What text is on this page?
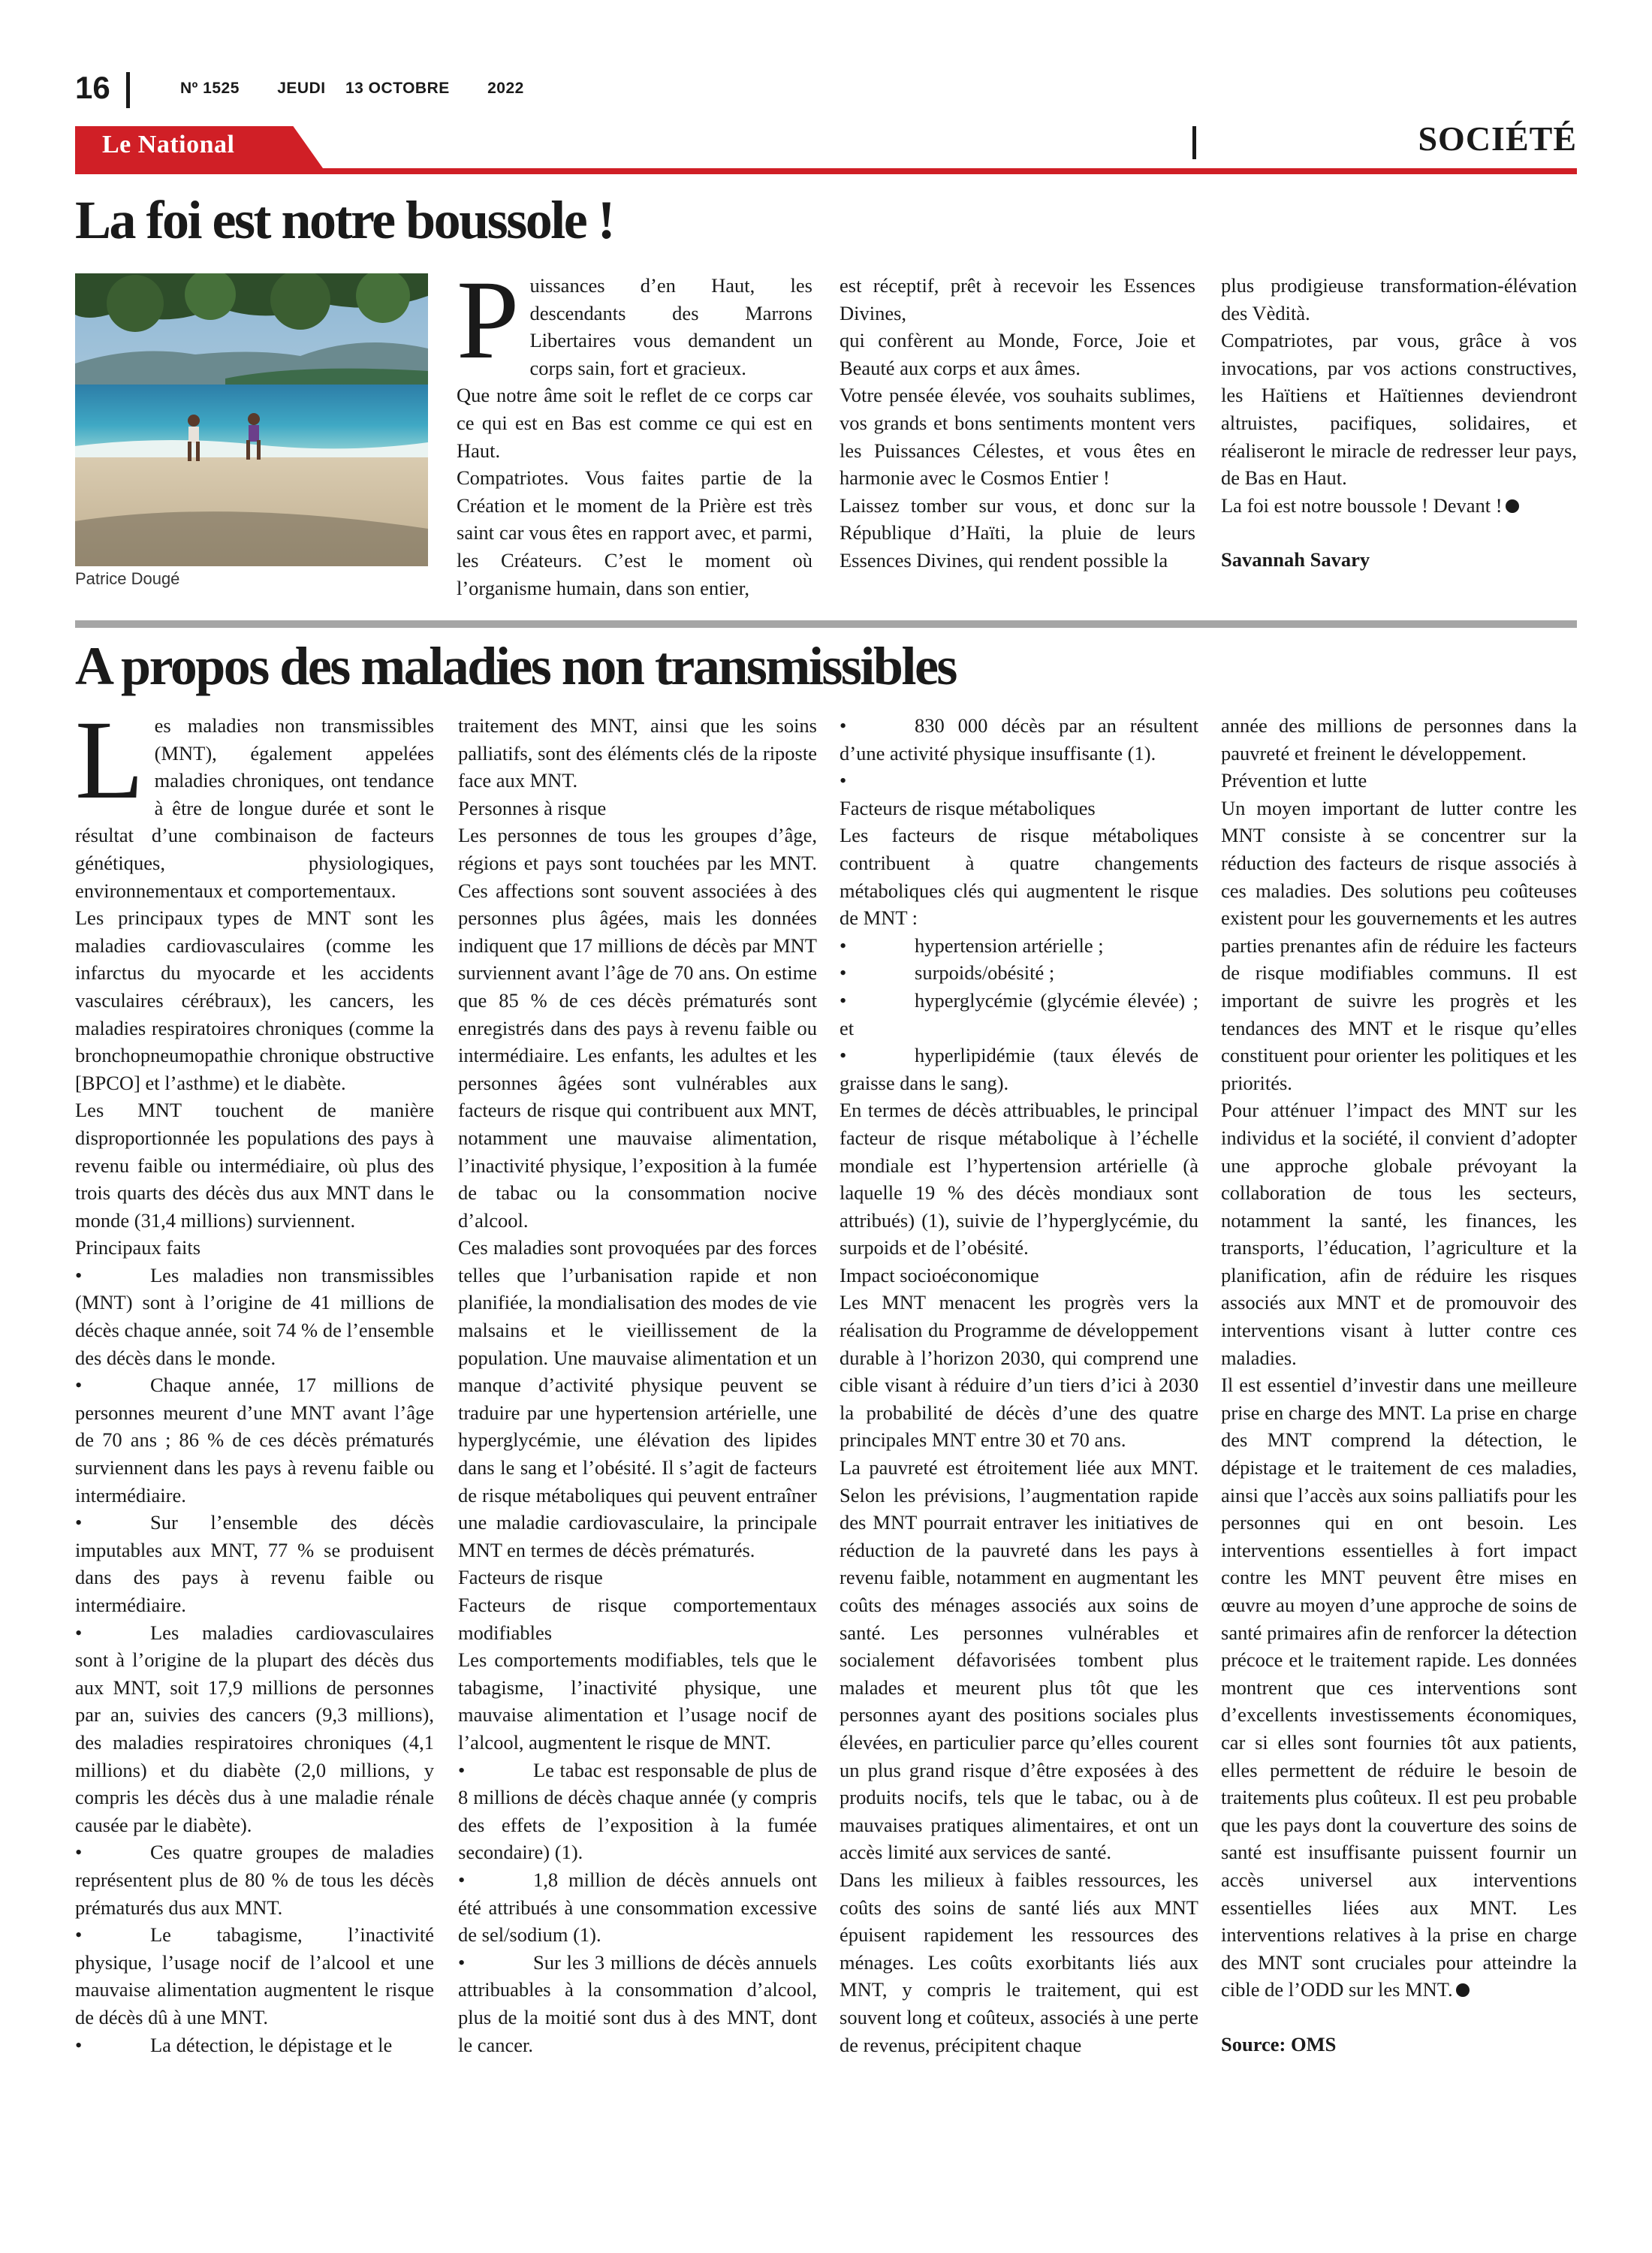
16	Nº 1525 JEUDI 13 OCTOBRE 2022
Le National	SOCIÉTÉ
La foi est notre boussole !
Patrice Dougé

Puissances d’en Haut, les descendants des Marrons Libertaires vous demandent un corps sain, fort et gracieux.

Que notre âme soit le reflet de ce corps car ce qui est en Bas est comme ce qui est en Haut.

Compatriotes. Vous faites partie de la Création et le moment de la Prière est très saint car vous êtes en rapport avec, et parmi, les Créateurs. C’est le moment où l’organisme humain, dans son entier,

est réceptif, prêt à recevoir les Essences Divines,

qui confèrent au Monde, Force, Joie et Beauté aux corps et aux âmes.

Votre pensée élevée, vos souhaits sublimes, vos grands et bons sentiments montent vers les Puissances Célestes, et vous êtes en harmonie avec le Cosmos Entier !

Laissez tomber sur vous, et donc sur la République d’Haïti, la pluie de leurs Essences Divines, qui rendent possible la

plus prodigieuse transformation-élévation des Vèdità.

Compatriotes, par vous, grâce à vos invocations, par vos actions constructives, les Haïtiens et Haïtiennes deviendront altruistes, pacifiques, solidaires, et réaliseront le miracle de redresser leur pays, de Bas en Haut.

La foi est notre boussole ! Devant !

Savannah Savary

A propos des maladies non transmissibles

Les maladies non transmissibles (MNT), également appelées maladies chroniques, ont tendance à être de longue durée et sont le résultat d’une combinaison de facteurs génétiques, physiologiques, environnementaux et comportementaux.

Les principaux types de MNT sont les maladies cardiovasculaires (comme les infarctus du myocarde et les accidents vasculaires cérébraux), les cancers, les maladies respiratoires chroniques (comme la bronchopneumopathie chronique obstructive [BPCO] et l’asthme) et le diabète.

Les MNT touchent de manière disproportionnée les populations des pays à revenu faible ou intermédiaire, où plus des trois quarts des décès dus aux MNT dans le monde (31,4 millions) surviennent.

Principaux faits

•	Les maladies non transmissibles (MNT) sont à l’origine de 41 millions de décès chaque année, soit 74 % de l’ensemble des décès dans le monde.

•	Chaque année, 17 millions de personnes meurent d’une MNT avant l’âge de 70 ans ; 86 % de ces décès prématurés surviennent dans les pays à revenu faible ou intermédiaire.

•	Sur l’ensemble des décès imputables aux MNT, 77 % se produisent dans des pays à revenu faible ou intermédiaire.

•	Les maladies cardiovasculaires sont à l’origine de la plupart des décès dus aux MNT, soit 17,9 millions de personnes par an, suivies des cancers (9,3 millions), des maladies respiratoires chroniques (4,1 millions) et du diabète (2,0 millions, y compris les décès dus à une maladie rénale causée par le diabète).

•	Ces quatre groupes de maladies représentent plus de 80 % de tous les décès prématurés dus aux MNT.

•	Le tabagisme, l’inactivité physique, l’usage nocif de l’alcool et une mauvaise alimentation augmentent le risque de décès dû à une MNT.

•	La détection, le dépistage et le

traitement des MNT, ainsi que les soins palliatifs, sont des éléments clés de la riposte face aux MNT.

Personnes à risque

Les personnes de tous les groupes d’âge, régions et pays sont touchées par les MNT. Ces affections sont souvent associées à des personnes plus âgées, mais les données indiquent que 17 millions de décès par MNT surviennent avant l’âge de 70 ans. On estime que 85 % de ces décès prématurés sont enregistrés dans des pays à revenu faible ou intermédiaire. Les enfants, les adultes et les personnes âgées sont vulnérables aux facteurs de risque qui contribuent aux MNT, notamment une mauvaise alimentation, l’inactivité physique, l’exposition à la fumée de tabac ou la consommation nocive d’alcool.

Ces maladies sont provoquées par des forces telles que l’urbanisation rapide et non planifiée, la mondialisation des modes de vie malsains et le vieillissement de la population. Une mauvaise alimentation et un manque d’activité physique peuvent se traduire par une hypertension artérielle, une hyperglycémie, une élévation des lipides dans le sang et l’obésité. Il s’agit de facteurs de risque métaboliques qui peuvent entraîner une maladie cardiovasculaire, la principale MNT en termes de décès prématurés.

Facteurs de risque

Facteurs de risque comportementaux modifiables

Les comportements modifiables, tels que le tabagisme, l’inactivité physique, une mauvaise alimentation et l’usage nocif de l’alcool, augmentent le risque de MNT.

•	Le tabac est responsable de plus de 8 millions de décès chaque année (y compris des effets de l’exposition à la fumée secondaire) (1).

•	1,8 million de décès annuels ont été attribués à une consommation excessive de sel/sodium (1).

•	Sur les 3 millions de décès annuels attribuables à la consommation d’alcool, plus de la moitié sont dus à des MNT, dont le cancer.

•	830 000 décès par an résultent d’une activité physique insuffisante (1).

•

Facteurs de risque métaboliques

Les facteurs de risque métaboliques contribuent à quatre changements métaboliques clés qui augmentent le risque de MNT :

•	hypertension artérielle ;

•	surpoids/obésité ;

•	hyperglycémie (glycémie élevée) ; et

•	hyperlipidémie (taux élevés de graisse dans le sang).

En termes de décès attribuables, le principal facteur de risque métabolique à l’échelle mondiale est l’hypertension artérielle (à laquelle 19 % des décès mondiaux sont attribués) (1), suivie de l’hyperglycémie, du surpoids et de l’obésité.

Impact socioéconomique

Les MNT menacent les progrès vers la réalisation du Programme de développement durable à l’horizon 2030, qui comprend une cible visant à réduire d’un tiers d’ici à 2030 la probabilité de décès d’une des quatre principales MNT entre 30 et 70 ans.

La pauvreté est étroitement liée aux MNT. Selon les prévisions, l’augmentation rapide des MNT pourrait entraver les initiatives de réduction de la pauvreté dans les pays à revenu faible, notamment en augmentant les coûts des ménages associés aux soins de santé. Les personnes vulnérables et socialement défavorisées tombent plus malades et meurent plus tôt que les personnes ayant des positions sociales plus élevées, en particulier parce qu’elles courent un plus grand risque d’être exposées à des produits nocifs, tels que le tabac, ou à de mauvaises pratiques alimentaires, et ont un accès limité aux services de santé.

Dans les milieux à faibles ressources, les coûts des soins de santé liés aux MNT épuisent rapidement les ressources des ménages. Les coûts exorbitants liés aux MNT, y compris le traitement, qui est souvent long et coûteux, associés à une perte de revenus, précipitent chaque

année des millions de personnes dans la pauvreté et freinent le développement.

Prévention et lutte

Un moyen important de lutter contre les MNT consiste à se concentrer sur la réduction des facteurs de risque associés à ces maladies. Des solutions peu coûteuses existent pour les gouvernements et les autres parties prenantes afin de réduire les facteurs de risque modifiables communs. Il est important de suivre les progrès et les tendances des MNT et le risque qu’elles constituent pour orienter les politiques et les priorités.

Pour atténuer l’impact des MNT sur les individus et la société, il convient d’adopter une approche globale prévoyant la collaboration de tous les secteurs, notamment la santé, les finances, les transports, l’éducation, l’agriculture et la planification, afin de réduire les risques associés aux MNT et de promouvoir des interventions visant à lutter contre ces maladies.

Il est essentiel d’investir dans une meilleure prise en charge des MNT. La prise en charge des MNT comprend la détection, le dépistage et le traitement de ces maladies, ainsi que l’accès aux soins palliatifs pour les personnes qui en ont besoin. Les interventions essentielles à fort impact contre les MNT peuvent être mises en œuvre au moyen d’une approche de soins de santé primaires afin de renforcer la détection précoce et le traitement rapide. Les données montrent que ces interventions sont d’excellents investissements économiques, car si elles sont fournies tôt aux patients, elles permettent de réduire le besoin de traitements plus coûteux. Il est peu probable que les pays dont la couverture des soins de santé est insuffisante puissent fournir un accès universel aux interventions essentielles liées aux MNT. Les interventions relatives à la prise en charge des MNT sont cruciales pour atteindre la cible de l’ODD sur les MNT.

Source: OMS
